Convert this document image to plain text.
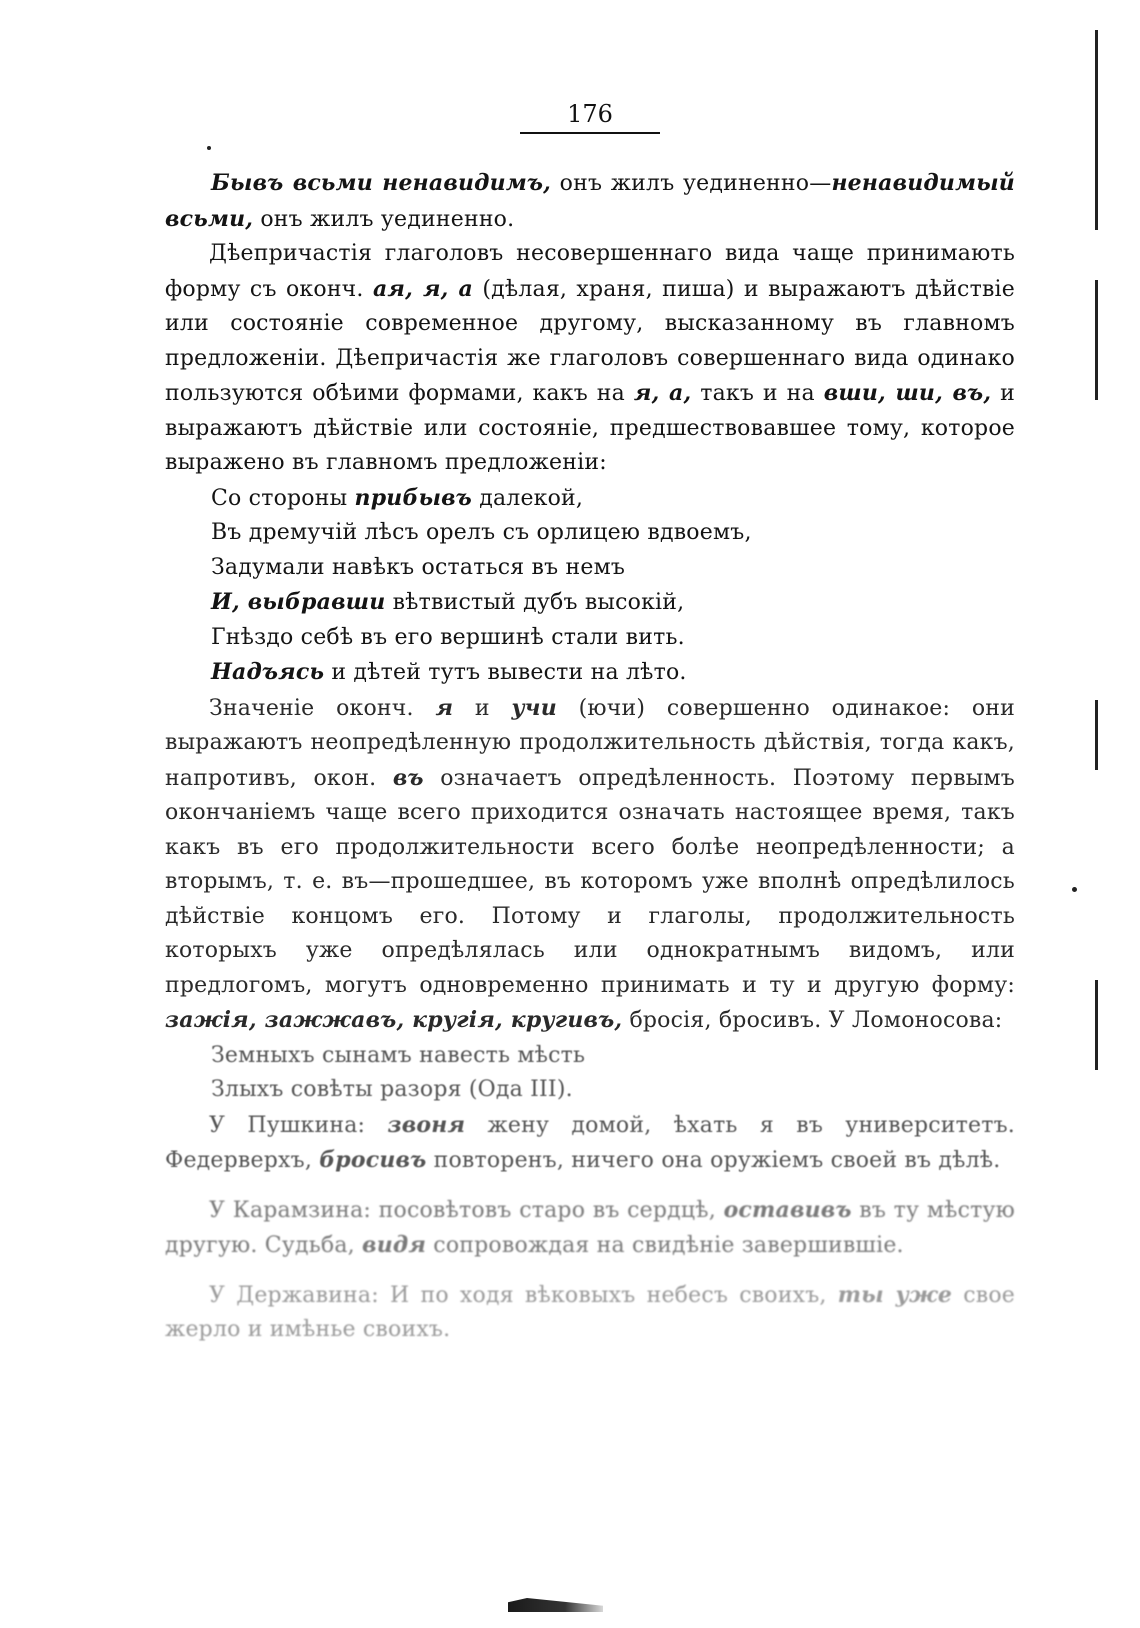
176

Бывъ всьми ненавидимъ, онъ жилъ уединенно—ненавидимый всьми, онъ жилъ уединенно.

Дѣепричастія глаголовъ несовершеннаго вида чаще принимають форму съ оконч. ая, я, а (дѣлая, храня, пиша) и выражаютъ дѣйствіе или состояніе современное другому, высказанному въ главномъ предложеніи. Дѣепричастія же глаголовъ совершеннаго вида одинако пользуются обѣими формами, какъ на я, а, такъ и на вши, ши, въ, и выражаютъ дѣйствіе или состояніе, предшествовавшее тому, которое выражено въ главномъ предложеніи:

Со стороны прибывъ далекой,
Въ дремучій лѣсъ орелъ съ орлицею вдвоемъ,
Задумали навѣкъ остаться въ немъ
И, выбравши вѣтвистый дубъ высокій,
Гнѣздо себѣ въ его вершинѣ стали вить.
Надъясь и дѣтей тутъ вывести на лѣто.

Значеніе оконч. я и учи (ючи) совершенно одинакое: они выражаютъ неопредѣленную продолжительность дѣйствія, тогда какъ, напротивъ, окон. въ означаетъ опредѣленность. Поэтому первымъ окончаніемъ чаще всего приходится означать настоящее время, такъ какъ въ его продолжительности всего болѣе неопредѣленности; а вторымъ, т. е. въ—прошедшее, въ которомъ уже вполнѣ опредѣлилось дѣйствіе концомъ его. Потому и глаголы, продолжительность которыхъ уже опредѣлялась или однократнымъ видомъ, или предлогомъ, могутъ одновременно принимать и ту и другую форму: зажія, зажжавъ, кругія, кругивъ, бросія, бросивъ. У Ломоносова:

Земныхъ сынамъ навесть мѣсть
Злыхъ совѣты разоря (Ода III).

У Пушкина: звоня жену домой, ѣхать я въ университетъ. Федерверхъ, бросивъ повторенъ, ничего она оружіемъ своей въ дѣлѣ.

У Карамзина: посовѣтовъ старо въ сердцѣ, оставивъ въ ту мѣстую другую. Судьба, видя сопровождая на свидѣніе завершившіе.

У Державина: И по ходя вѣковыхъ небесъ своихъ, ты уже свое жерло и имѣнье своихъ.
